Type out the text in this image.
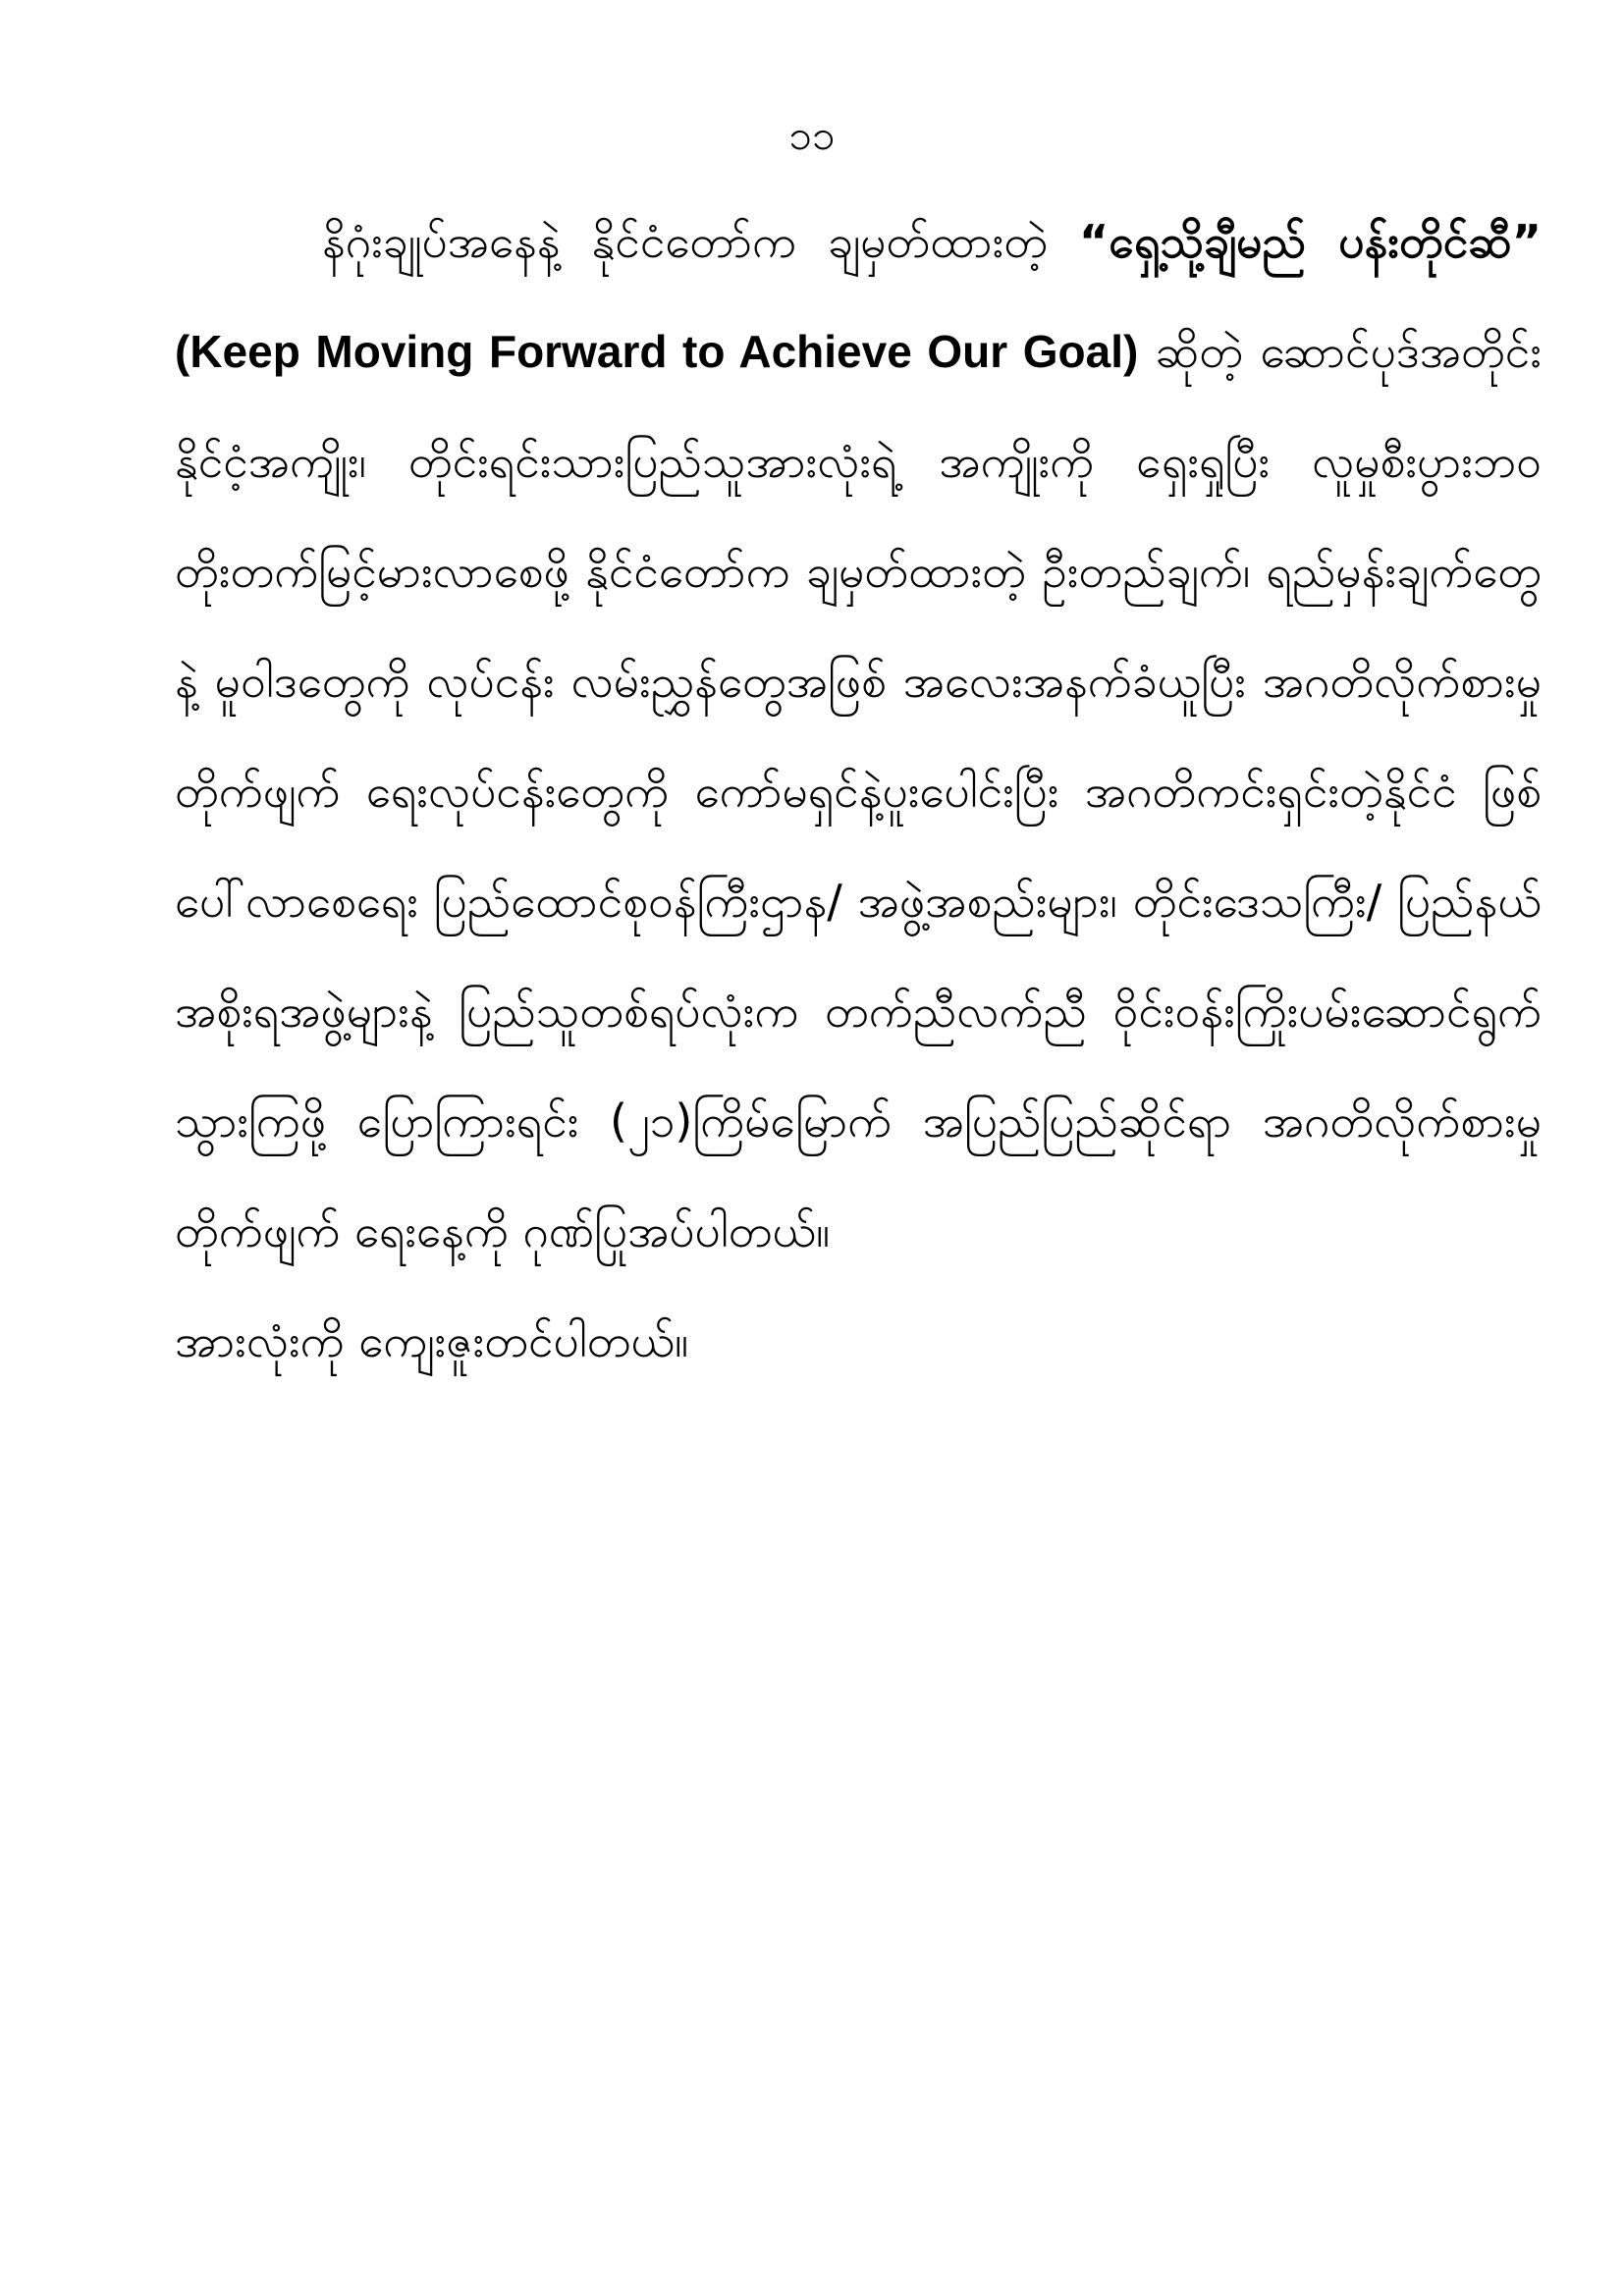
၁၁

နိဂုံးချုပ်အနေနဲ့ နိုင်ငံတော်က ချမှတ်ထားတဲ့ “ရှေ့သို့ချီမည် ပန်းတိုင်ဆီ” (Keep Moving Forward to Achieve Our Goal) ဆိုတဲ့ ဆောင်ပုဒ်အတိုင်း နိုင်ငံ့အကျိုး၊ တိုင်းရင်းသားပြည်သူအားလုံးရဲ့ အကျိုးကို ရှေးရှုပြီး လူမှုစီးပွားဘဝ တိုးတက်မြင့်မားလာစေဖို့ နိုင်ငံတော်က ချမှတ်ထားတဲ့ ဦးတည်ချက်၊ ရည်မှန်းချက်တွေနဲ့ မူဝါဒတွေကို လုပ်ငန်း လမ်းညွှန်တွေအဖြစ် အလေးအနက်ခံယူပြီး အဂတိလိုက်စားမှု တိုက်ဖျက် ရေးလုပ်ငန်းတွေကို ကော်မရှင်နဲ့ပူးပေါင်းပြီး အဂတိကင်းရှင်းတဲ့နိုင်ငံ ဖြစ်ပေါ်လာစေရေး ပြည်ထောင်စုဝန်ကြီးဌာန/ အဖွဲ့အစည်းများ၊ တိုင်းဒေသကြီး/ ပြည်နယ်အစိုးရအဖွဲ့များနဲ့ ပြည်သူတစ်ရပ်လုံးက တက်ညီလက်ညီ ဝိုင်းဝန်းကြိုးပမ်းဆောင်ရွက်သွားကြဖို့ ပြောကြားရင်း (၂၁)ကြိမ်မြောက် အပြည်ပြည်ဆိုင်ရာ အဂတိလိုက်စားမှုတိုက်ဖျက် ရေးနေ့ကို ဂုဏ်ပြုအပ်ပါတယ်။

အားလုံးကို ကျေးဇူးတင်ပါတယ်။
